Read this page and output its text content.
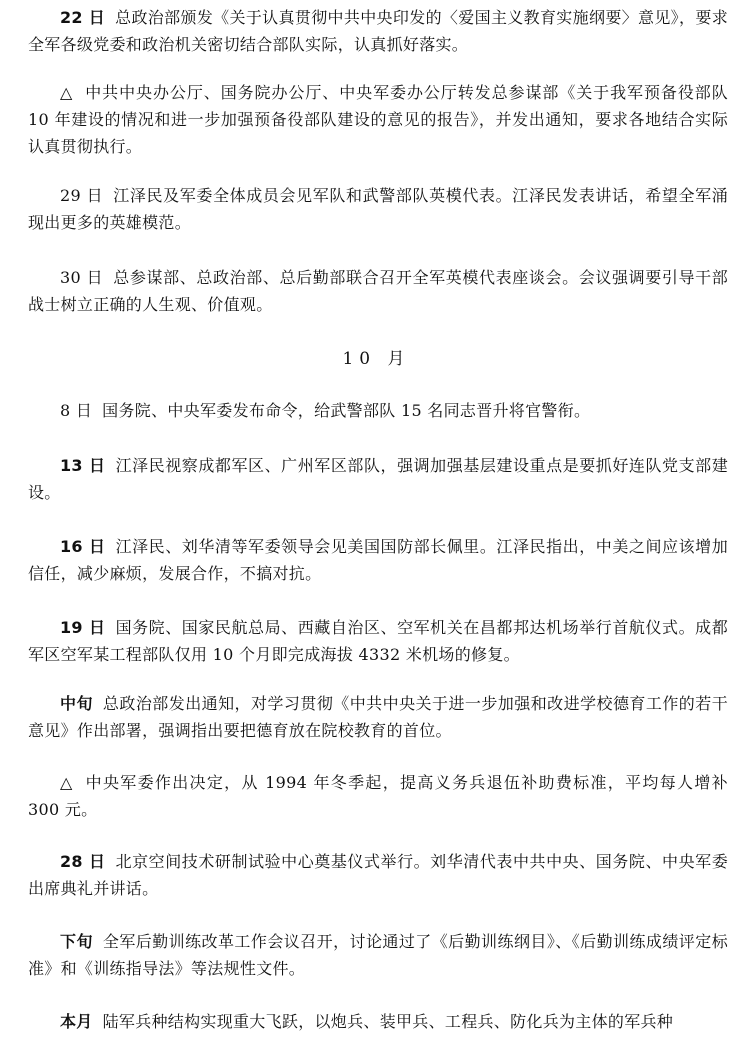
22 日 总政治部颁发《关于认真贯彻中共中央印发的〈爱国主义教育实施纲要〉意见》，要求全军各级党委和政治机关密切结合部队实际，认真抓好落实。

△ 中共中央办公厅、国务院办公厅、中央军委办公厅转发总参谋部《关于我军预备役部队 10 年建设的情况和进一步加强预备役部队建设的意见的报告》，并发出通知，要求各地结合实际认真贯彻执行。

29 日 江泽民及军委全体成员会见军队和武警部队英模代表。江泽民发表讲话，希望全军涌现出更多的英雄模范。

30 日 总参谋部、总政治部、总后勤部联合召开全军英模代表座谈会。会议强调要引导干部战士树立正确的人生观、价值观。

10 月

8 日 国务院、中央军委发布命令，给武警部队 15 名同志晋升将官警衔。

13 日 江泽民视察成都军区、广州军区部队，强调加强基层建设重点是要抓好连队党支部建设。

16 日 江泽民、刘华清等军委领导会见美国国防部长佩里。江泽民指出，中美之间应该增加信任，减少麻烦，发展合作，不搞对抗。

19 日 国务院、国家民航总局、西藏自治区、空军机关在昌都邦达机场举行首航仪式。成都军区空军某工程部队仅用 10 个月即完成海拔 4332 米机场的修复。

中旬 总政治部发出通知，对学习贯彻《中共中央关于进一步加强和改进学校德育工作的若干意见》作出部署，强调指出要把德育放在院校教育的首位。

△ 中央军委作出决定，从 1994 年冬季起，提高义务兵退伍补助费标准，平均每人增补 300 元。

28 日 北京空间技术研制试验中心奠基仪式举行。刘华清代表中共中央、国务院、中央军委出席典礼并讲话。

下旬 全军后勤训练改革工作会议召开，讨论通过了《后勤训练纲目》、《后勤训练成绩评定标准》和《训练指导法》等法规性文件。

本月 陆军兵种结构实现重大飞跃，以炮兵、装甲兵、工程兵、防化兵为主体的军兵种
